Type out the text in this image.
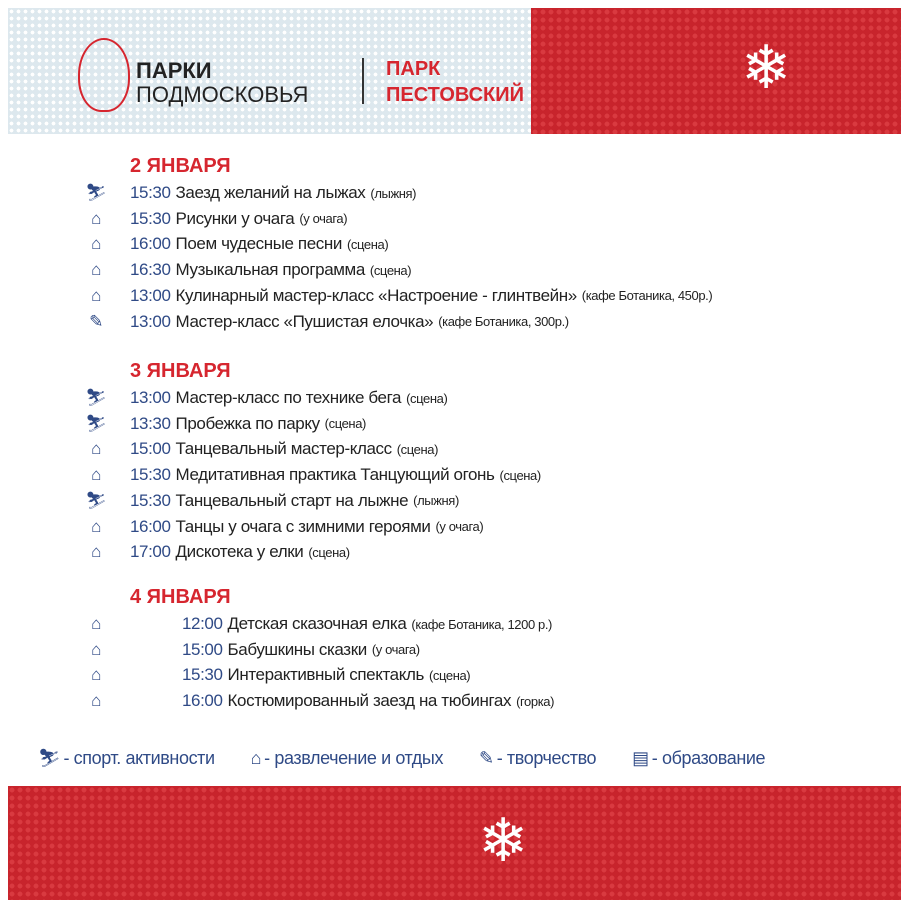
❄
ПАРКИ
ПОДМОСКОВЬЯ
ПАРК
ПЕСТОВСКИЙ
2 ЯНВАРЯ
⛷ 15:30 Заезд желаний на лыжах (лыжня)
⌂	15:30 Рисунки у очага (у очага)
⌂	16:00 Поем чудесные песни (сцена)
⌂	16:30 Музыкальная программа (сцена)
⌂	13:00 Кулинарный мастер-класс «Настроение - глинтвейн» (кафе Ботаника, 450р.)
✎ 13:00 Мастер-класс «Пушистая елочка» (кафе Ботаника, 300р.)
3 ЯНВАРЯ
⛷ 13:00 Мастер-класс по технике бега (сцена)
⛷ 13:30 Пробежка по парку (сцена)
⌂	15:00 Танцевальный мастер-класс (сцена)
⌂	15:30 Медитативная практика Танцующий огонь (сцена)
⛷ 15:30 Танцевальный старт на лыжне (лыжня)
⌂	16:00 Танцы у очага с зимними героями (у очага)
⌂	17:00 Дискотека у елки (сцена)
4 ЯНВАРЯ
⌂	12:00 Детская сказочная елка (кафе Ботаника, 1200 р.)
⌂	15:00 Бабушкины сказки (у очага)
⌂	15:30 Интерактивный спектакль (сцена)
⌂	16:00 Костюмированный заезд на тюбингах (горка)
⛷ - спорт. активности ⌂ - развлечение и отдых ✎ - творчество ▤ - образование
❄
